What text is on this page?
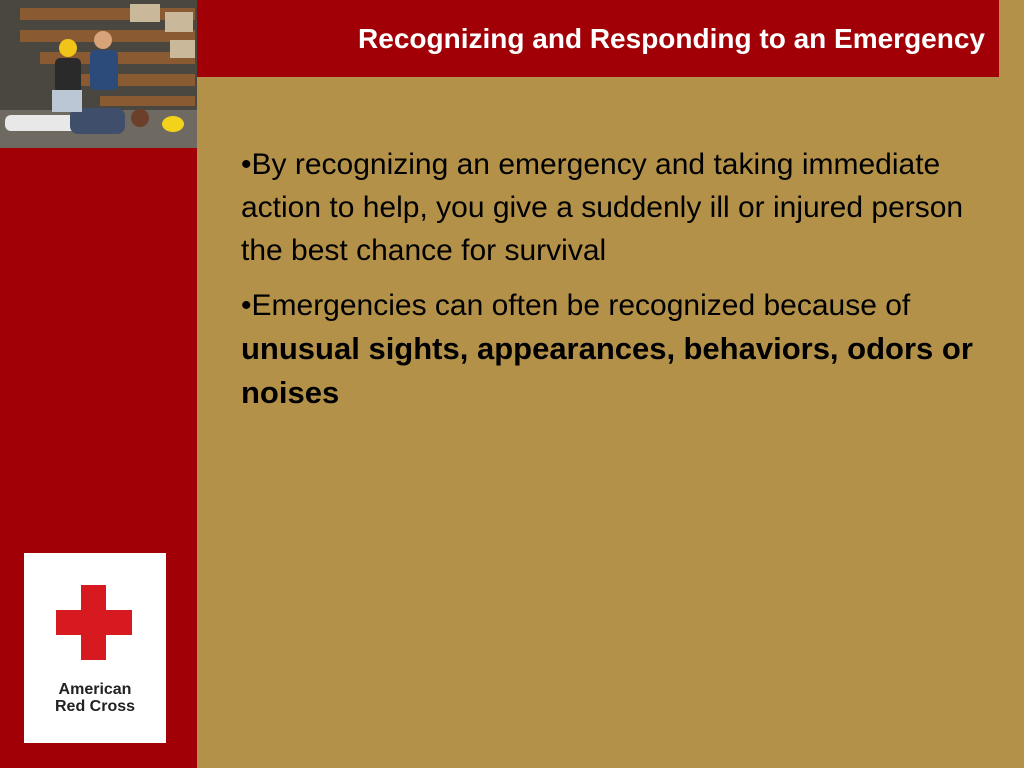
Recognizing and Responding to an Emergency

•By recognizing an emergency and taking immediate action to help, you give a suddenly ill or injured person the best chance for survival

•Emergencies can often be recognized because of unusual sights, appearances, behaviors, odors or noises

American
Red Cross
